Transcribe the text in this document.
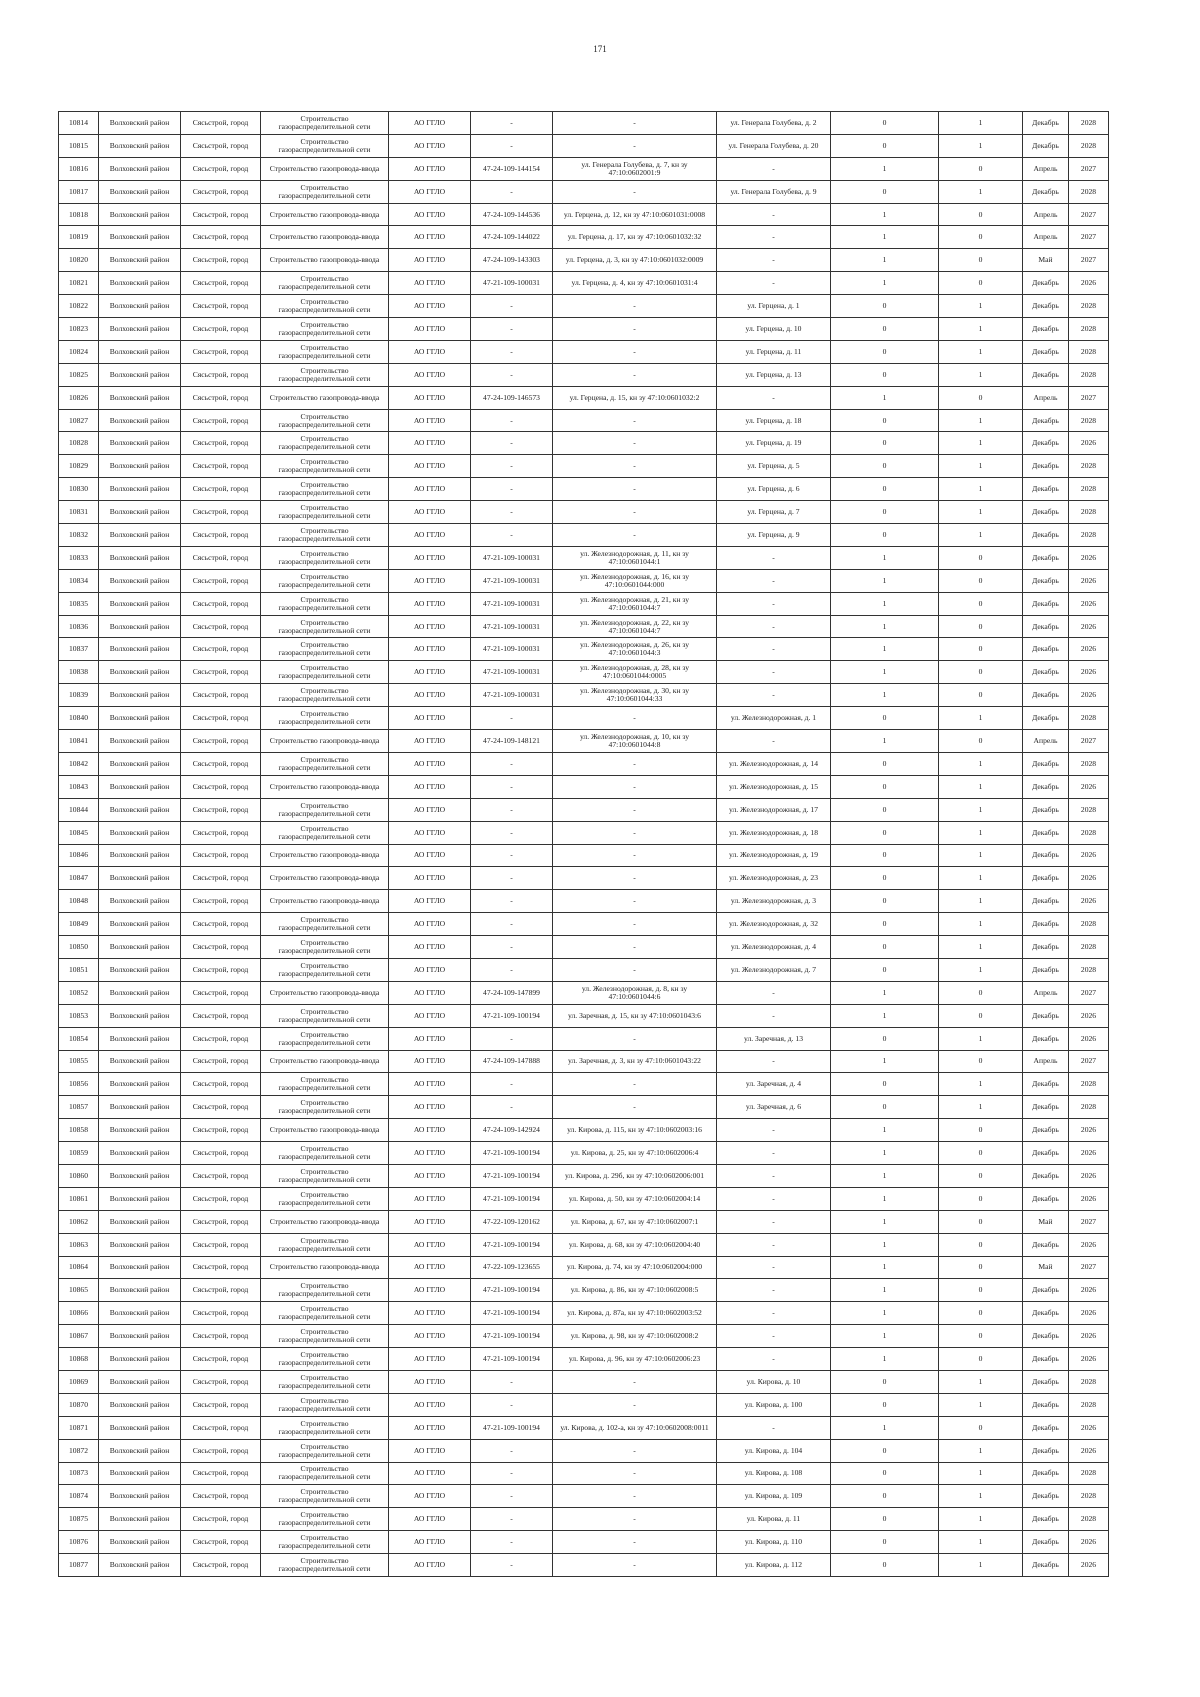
171
10814	Волховский район	Сясьстрой, город	Строительство газораспределительной сети	АО ГГЛО	-	-	ул. Генерала Голубева, д. 2	0	1	Декабрь	2028
10815	Волховский район	Сясьстрой, город	Строительство газораспределительной сети	АО ГГЛО	-	-	ул. Генерала Голубева, д. 20	0	1	Декабрь	2028
10816	Волховский район	Сясьстрой, город	Строительство газопровода-ввода	АО ГГЛО	47-24-109-144154	ул. Генерала Голубева, д. 7, кн зу 47:10:0602001:9	-	1	0	Апрель	2027
10817	Волховский район	Сясьстрой, город	Строительство газораспределительной сети	АО ГГЛО	-	-	ул. Генерала Голубева, д. 9	0	1	Декабрь	2028
10818	Волховский район	Сясьстрой, город	Строительство газопровода-ввода	АО ГГЛО	47-24-109-144536	ул. Герцена, д. 12, кн зу 47:10:0601031:0008	-	1	0	Апрель	2027
10819	Волховский район	Сясьстрой, город	Строительство газопровода-ввода	АО ГГЛО	47-24-109-144022	ул. Герцена, д. 17, кн зу 47:10:0601032:32	-	1	0	Апрель	2027
10820	Волховский район	Сясьстрой, город	Строительство газопровода-ввода	АО ГГЛО	47-24-109-143303	ул. Герцена, д. 3, кн зу 47:10:0601032:0009	-	1	0	Май	2027
10821	Волховский район	Сясьстрой, город	Строительство газораспределительной сети	АО ГГЛО	47-21-109-100031	ул. Герцена, д. 4, кн зу 47:10:0601031:4	-	1	0	Декабрь	2026
10822	Волховский район	Сясьстрой, город	Строительство газораспределительной сети	АО ГГЛО	-	-	ул. Герцена, д. 1	0	1	Декабрь	2028
10823	Волховский район	Сясьстрой, город	Строительство газораспределительной сети	АО ГГЛО	-	-	ул. Герцена, д. 10	0	1	Декабрь	2028
10824	Волховский район	Сясьстрой, город	Строительство газораспределительной сети	АО ГГЛО	-	-	ул. Герцена, д. 11	0	1	Декабрь	2028
10825	Волховский район	Сясьстрой, город	Строительство газораспределительной сети	АО ГГЛО	-	-	ул. Герцена, д. 13	0	1	Декабрь	2028
10826	Волховский район	Сясьстрой, город	Строительство газопровода-ввода	АО ГГЛО	47-24-109-146573	ул. Герцена, д. 15, кн зу 47:10:0601032:2	-	1	0	Апрель	2027
10827	Волховский район	Сясьстрой, город	Строительство газораспределительной сети	АО ГГЛО	-	-	ул. Герцена, д. 18	0	1	Декабрь	2028
10828	Волховский район	Сясьстрой, город	Строительство газораспределительной сети	АО ГГЛО	-	-	ул. Герцена, д. 19	0	1	Декабрь	2026
10829	Волховский район	Сясьстрой, город	Строительство газораспределительной сети	АО ГГЛО	-	-	ул. Герцена, д. 5	0	1	Декабрь	2028
10830	Волховский район	Сясьстрой, город	Строительство газораспределительной сети	АО ГГЛО	-	-	ул. Герцена, д. 6	0	1	Декабрь	2028
10831	Волховский район	Сясьстрой, город	Строительство газораспределительной сети	АО ГГЛО	-	-	ул. Герцена, д. 7	0	1	Декабрь	2028
10832	Волховский район	Сясьстрой, город	Строительство газораспределительной сети	АО ГГЛО	-	-	ул. Герцена, д. 9	0	1	Декабрь	2028
10833	Волховский район	Сясьстрой, город	Строительство газораспределительной сети	АО ГГЛО	47-21-109-100031	ул. Железнодорожная, д. 11, кн зу 47:10:0601044:1	-	1	0	Декабрь	2026
10834	Волховский район	Сясьстрой, город	Строительство газораспределительной сети	АО ГГЛО	47-21-109-100031	ул. Железнодорожная, д. 16, кн зу 47:10:0601044:000	-	1	0	Декабрь	2026
10835	Волховский район	Сясьстрой, город	Строительство газораспределительной сети	АО ГГЛО	47-21-109-100031	ул. Железнодорожная, д. 21, кн зу 47:10:0601044:7	-	1	0	Декабрь	2026
10836	Волховский район	Сясьстрой, город	Строительство газораспределительной сети	АО ГГЛО	47-21-109-100031	ул. Железнодорожная, д. 22, кн зу 47:10:0601044:7	-	1	0	Декабрь	2026
10837	Волховский район	Сясьстрой, город	Строительство газораспределительной сети	АО ГГЛО	47-21-109-100031	ул. Железнодорожная, д. 26, кн зу 47:10:0601044:3	-	1	0	Декабрь	2026
10838	Волховский район	Сясьстрой, город	Строительство газораспределительной сети	АО ГГЛО	47-21-109-100031	ул. Железнодорожная, д. 28, кн зу 47:10:0601044:0005	-	1	0	Декабрь	2026
10839	Волховский район	Сясьстрой, город	Строительство газораспределительной сети	АО ГГЛО	47-21-109-100031	ул. Железнодорожная, д. 30, кн зу 47:10:0601044:33	-	1	0	Декабрь	2026
10840	Волховский район	Сясьстрой, город	Строительство газораспределительной сети	АО ГГЛО	-	-	ул. Железнодорожная, д. 1	0	1	Декабрь	2028
10841	Волховский район	Сясьстрой, город	Строительство газопровода-ввода	АО ГГЛО	47-24-109-148121	ул. Железнодорожная, д. 10, кн зу 47:10:0601044:8	-	1	0	Апрель	2027
10842	Волховский район	Сясьстрой, город	Строительство газораспределительной сети	АО ГГЛО	-	-	ул. Железнодорожная, д. 14	0	1	Декабрь	2028
10843	Волховский район	Сясьстрой, город	Строительство газопровода-ввода	АО ГГЛО	-	-	ул. Железнодорожная, д. 15	0	1	Декабрь	2026
10844	Волховский район	Сясьстрой, город	Строительство газораспределительной сети	АО ГГЛО	-	-	ул. Железнодорожная, д. 17	0	1	Декабрь	2028
10845	Волховский район	Сясьстрой, город	Строительство газораспределительной сети	АО ГГЛО	-	-	ул. Железнодорожная, д. 18	0	1	Декабрь	2028
10846	Волховский район	Сясьстрой, город	Строительство газопровода-ввода	АО ГГЛО	-	-	ул. Железнодорожная, д. 19	0	1	Декабрь	2026
10847	Волховский район	Сясьстрой, город	Строительство газопровода-ввода	АО ГГЛО	-	-	ул. Железнодорожная, д. 23	0	1	Декабрь	2026
10848	Волховский район	Сясьстрой, город	Строительство газопровода-ввода	АО ГГЛО	-	-	ул. Железнодорожная, д. 3	0	1	Декабрь	2026
10849	Волховский район	Сясьстрой, город	Строительство газораспределительной сети	АО ГГЛО	-	-	ул. Железнодорожная, д. 32	0	1	Декабрь	2028
10850	Волховский район	Сясьстрой, город	Строительство газораспределительной сети	АО ГГЛО	-	-	ул. Железнодорожная, д. 4	0	1	Декабрь	2028
10851	Волховский район	Сясьстрой, город	Строительство газораспределительной сети	АО ГГЛО	-	-	ул. Железнодорожная, д. 7	0	1	Декабрь	2028
10852	Волховский район	Сясьстрой, город	Строительство газопровода-ввода	АО ГГЛО	47-24-109-147899	ул. Железнодорожная, д. 8, кн зу 47:10:0601044:6	-	1	0	Апрель	2027
10853	Волховский район	Сясьстрой, город	Строительство газораспределительной сети	АО ГГЛО	47-21-109-100194	ул. Заречная, д. 15, кн зу 47:10:0601043:6	-	1	0	Декабрь	2026
10854	Волховский район	Сясьстрой, город	Строительство газораспределительной сети	АО ГГЛО	-	-	ул. Заречная, д. 13	0	1	Декабрь	2026
10855	Волховский район	Сясьстрой, город	Строительство газопровода-ввода	АО ГГЛО	47-24-109-147888	ул. Заречная, д. 3, кн зу 47:10:0601043:22	-	1	0	Апрель	2027
10856	Волховский район	Сясьстрой, город	Строительство газораспределительной сети	АО ГГЛО	-	-	ул. Заречная, д. 4	0	1	Декабрь	2028
10857	Волховский район	Сясьстрой, город	Строительство газораспределительной сети	АО ГГЛО	-	-	ул. Заречная, д. 6	0	1	Декабрь	2028
10858	Волховский район	Сясьстрой, город	Строительство газопровода-ввода	АО ГГЛО	47-24-109-142924	ул. Кирова, д. 115, кн зу 47:10:0602003:16	-	1	0	Декабрь	2026
10859	Волховский район	Сясьстрой, город	Строительство газораспределительной сети	АО ГГЛО	47-21-109-100194	ул. Кирова, д. 25, кн зу 47:10:0602006:4	-	1	0	Декабрь	2026
10860	Волховский район	Сясьстрой, город	Строительство газораспределительной сети	АО ГГЛО	47-21-109-100194	ул. Кирова, д. 29б, кн зу 47:10:0602006:001	-	1	0	Декабрь	2026
10861	Волховский район	Сясьстрой, город	Строительство газораспределительной сети	АО ГГЛО	47-21-109-100194	ул. Кирова, д. 50, кн зу 47:10:0602004:14	-	1	0	Декабрь	2026
10862	Волховский район	Сясьстрой, город	Строительство газопровода-ввода	АО ГГЛО	47-22-109-120162	ул. Кирова, д. 67, кн зу 47:10:0602007:1	-	1	0	Май	2027
10863	Волховский район	Сясьстрой, город	Строительство газораспределительной сети	АО ГГЛО	47-21-109-100194	ул. Кирова, д. 68, кн зу 47:10:0602004:40	-	1	0	Декабрь	2026
10864	Волховский район	Сясьстрой, город	Строительство газопровода-ввода	АО ГГЛО	47-22-109-123655	ул. Кирова, д. 74, кн зу 47:10:0602004:000	-	1	0	Май	2027
10865	Волховский район	Сясьстрой, город	Строительство газораспределительной сети	АО ГГЛО	47-21-109-100194	ул. Кирова, д. 86, кн зу 47:10:0602008:5	-	1	0	Декабрь	2026
10866	Волховский район	Сясьстрой, город	Строительство газораспределительной сети	АО ГГЛО	47-21-109-100194	ул. Кирова, д. 87а, кн зу 47:10:0602003:52	-	1	0	Декабрь	2026
10867	Волховский район	Сясьстрой, город	Строительство газораспределительной сети	АО ГГЛО	47-21-109-100194	ул. Кирова, д. 98, кн зу 47:10:0602008:2	-	1	0	Декабрь	2026
10868	Волховский район	Сясьстрой, город	Строительство газораспределительной сети	АО ГГЛО	47-21-109-100194	ул. Кирова, д. 96, кн зу 47:10:0602006:23	-	1	0	Декабрь	2026
10869	Волховский район	Сясьстрой, город	Строительство газораспределительной сети	АО ГГЛО	-	-	ул. Кирова, д. 10	0	1	Декабрь	2028
10870	Волховский район	Сясьстрой, город	Строительство газораспределительной сети	АО ГГЛО	-	-	ул. Кирова, д. 100	0	1	Декабрь	2028
10871	Волховский район	Сясьстрой, город	Строительство газораспределительной сети	АО ГГЛО	47-21-109-100194	ул. Кирова, д. 102-а, кн зу 47:10:0602008:0011	-	1	0	Декабрь	2026
10872	Волховский район	Сясьстрой, город	Строительство газораспределительной сети	АО ГГЛО	-	-	ул. Кирова, д. 104	0	1	Декабрь	2026
10873	Волховский район	Сясьстрой, город	Строительство газораспределительной сети	АО ГГЛО	-	-	ул. Кирова, д. 108	0	1	Декабрь	2028
10874	Волховский район	Сясьстрой, город	Строительство газораспределительной сети	АО ГГЛО	-	-	ул. Кирова, д. 109	0	1	Декабрь	2028
10875	Волховский район	Сясьстрой, город	Строительство газораспределительной сети	АО ГГЛО	-	-	ул. Кирова, д. 11	0	1	Декабрь	2028
10876	Волховский район	Сясьстрой, город	Строительство газораспределительной сети	АО ГГЛО	-	-	ул. Кирова, д. 110	0	1	Декабрь	2026
10877	Волховский район	Сясьстрой, город	Строительство газораспределительной сети	АО ГГЛО	-	-	ул. Кирова, д. 112	0	1	Декабрь	2026
